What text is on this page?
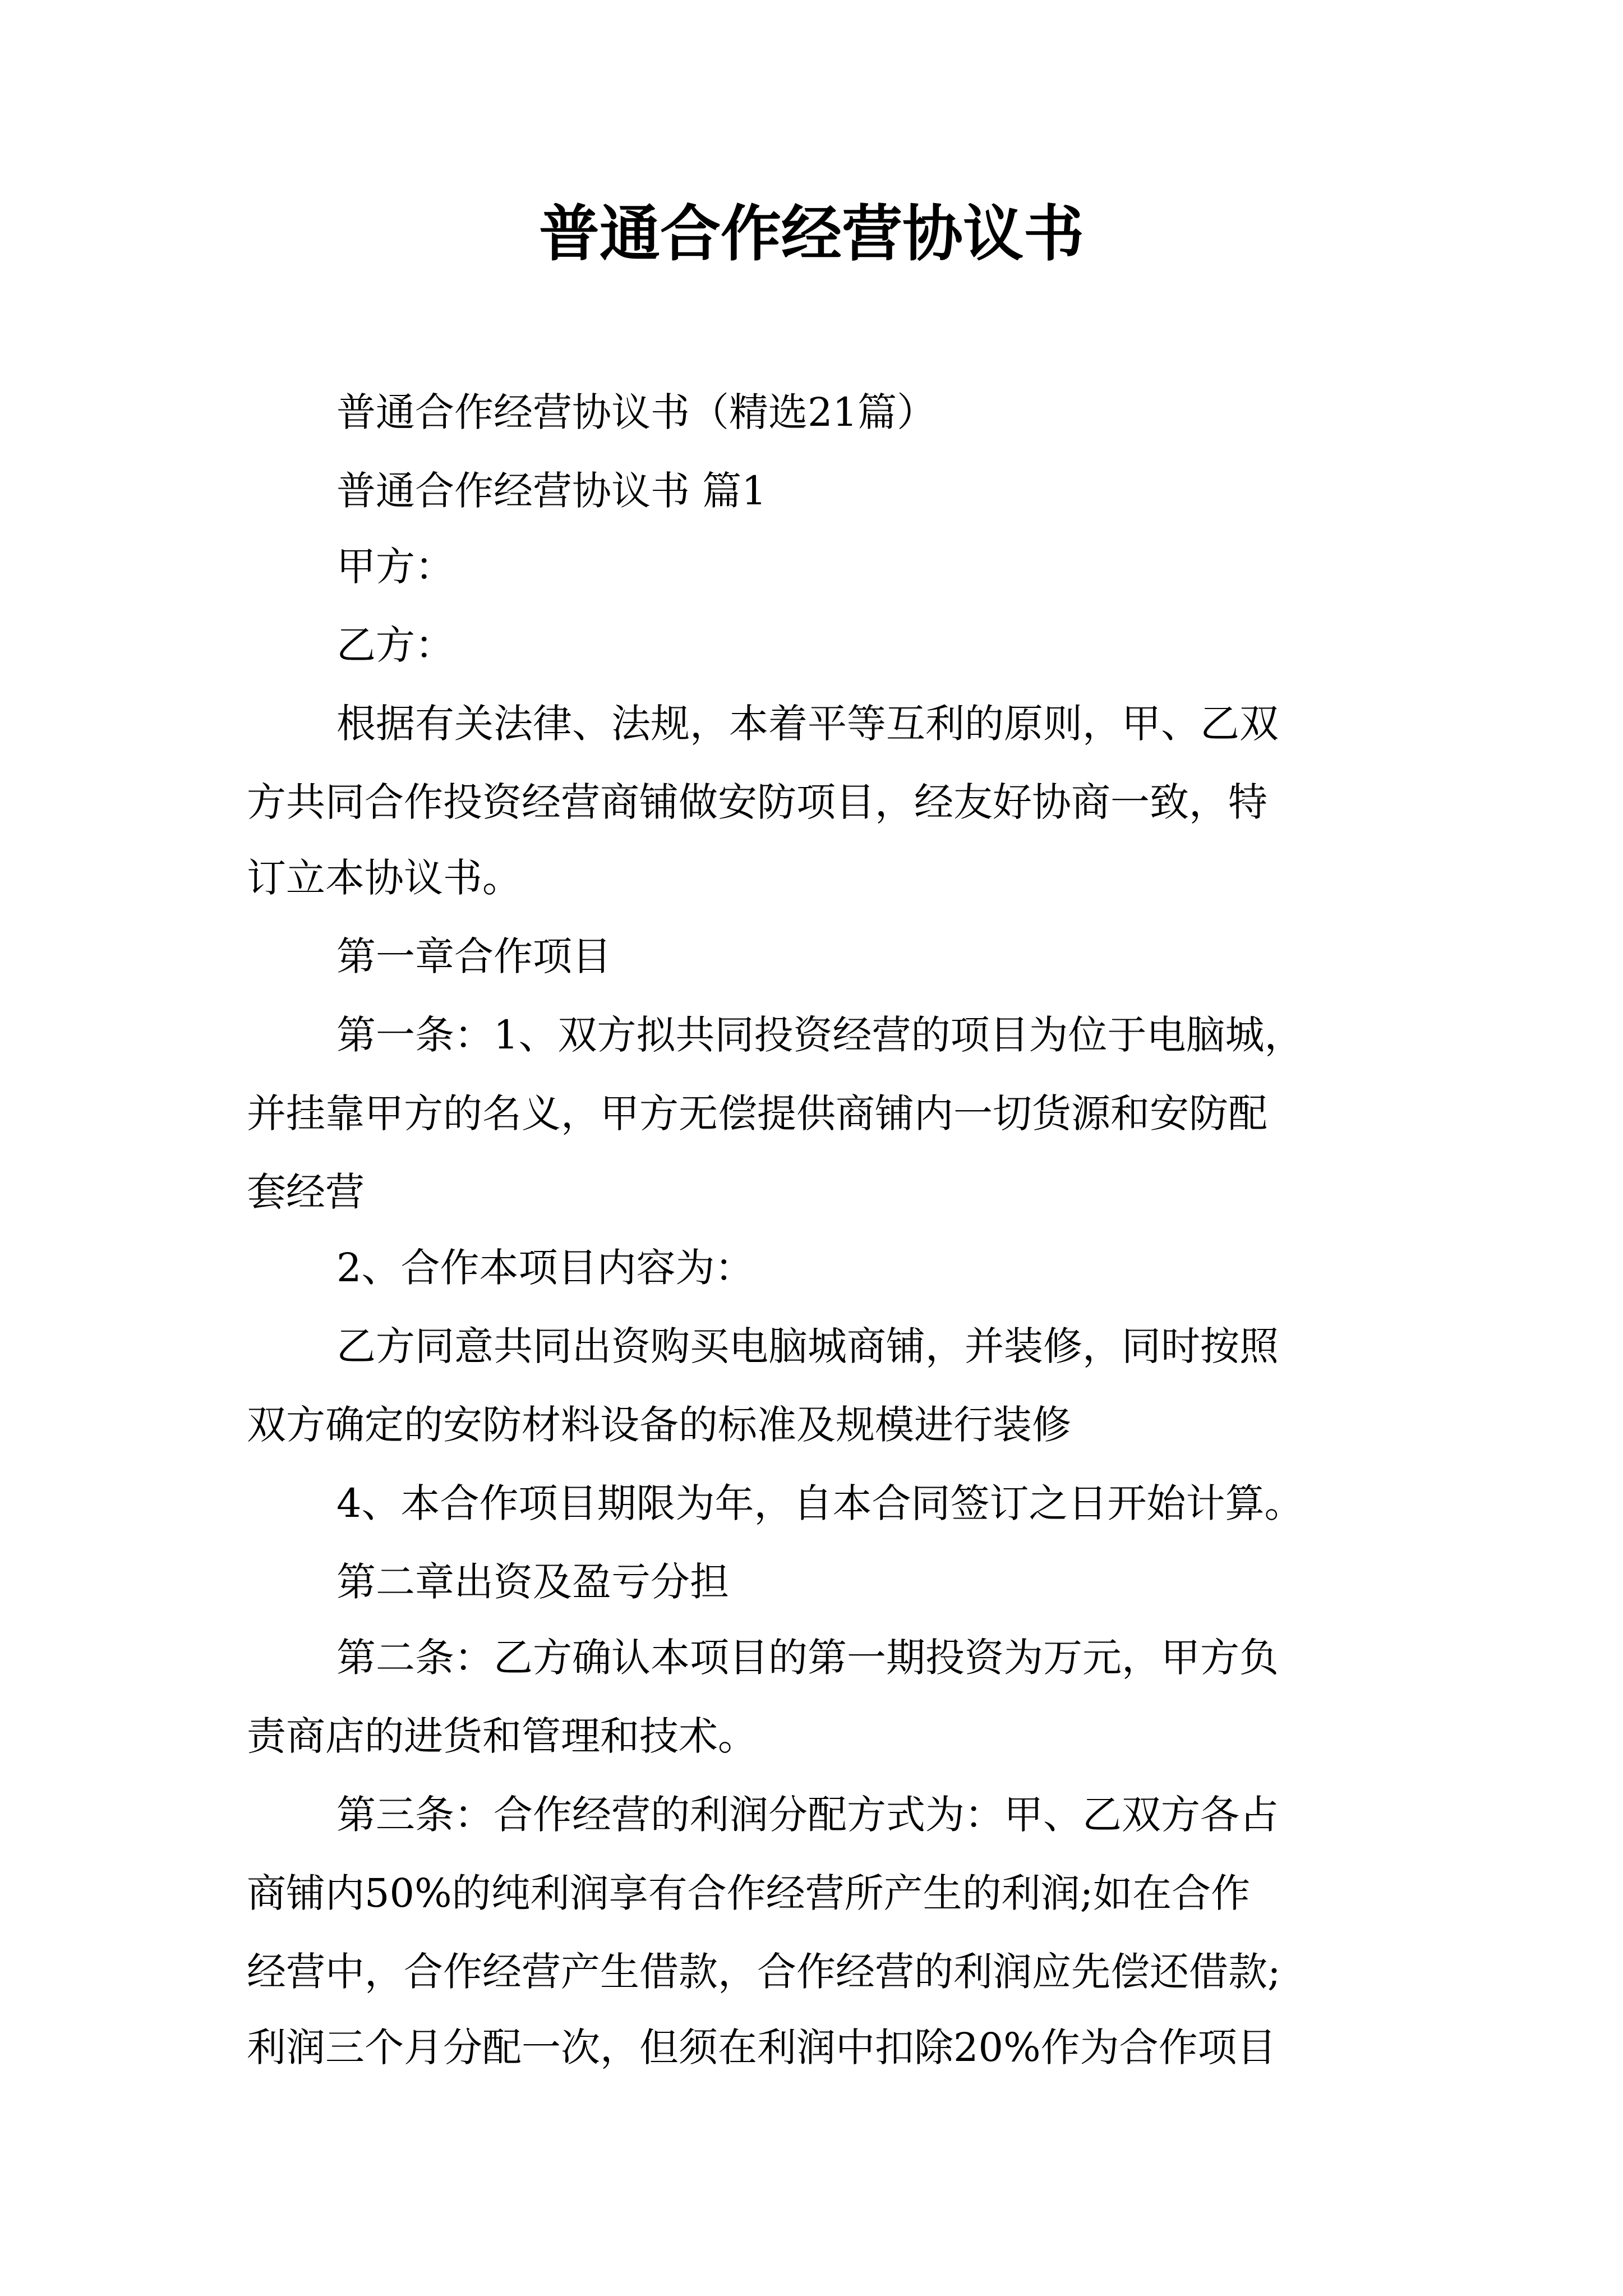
普通合作经营协议书
普通合作经营协议书（精选21篇）
普通合作经营协议书 篇1
甲方：
乙方：
根据有关法律、法规，本着平等互利的原则，甲、乙双
方共同合作投资经营商铺做安防项目，经友好协商一致，特
订立本协议书。
第一章合作项目
第一条：1、双方拟共同投资经营的项目为位于电脑城，
并挂靠甲方的名义，甲方无偿提供商铺内一切货源和安防配
套经营
2、合作本项目内容为：
乙方同意共同出资购买电脑城商铺，并装修，同时按照
双方确定的安防材料设备的标准及规模进行装修
4、本合作项目期限为年，自本合同签订之日开始计算。
第二章出资及盈亏分担
第二条：乙方确认本项目的第一期投资为万元，甲方负
责商店的进货和管理和技术。
第三条：合作经营的利润分配方式为：甲、乙双方各占
商铺内50%的纯利润享有合作经营所产生的利润;如在合作
经营中，合作经营产生借款，合作经营的利润应先偿还借款;
利润三个月分配一次，但须在利润中扣除20%作为合作项目
